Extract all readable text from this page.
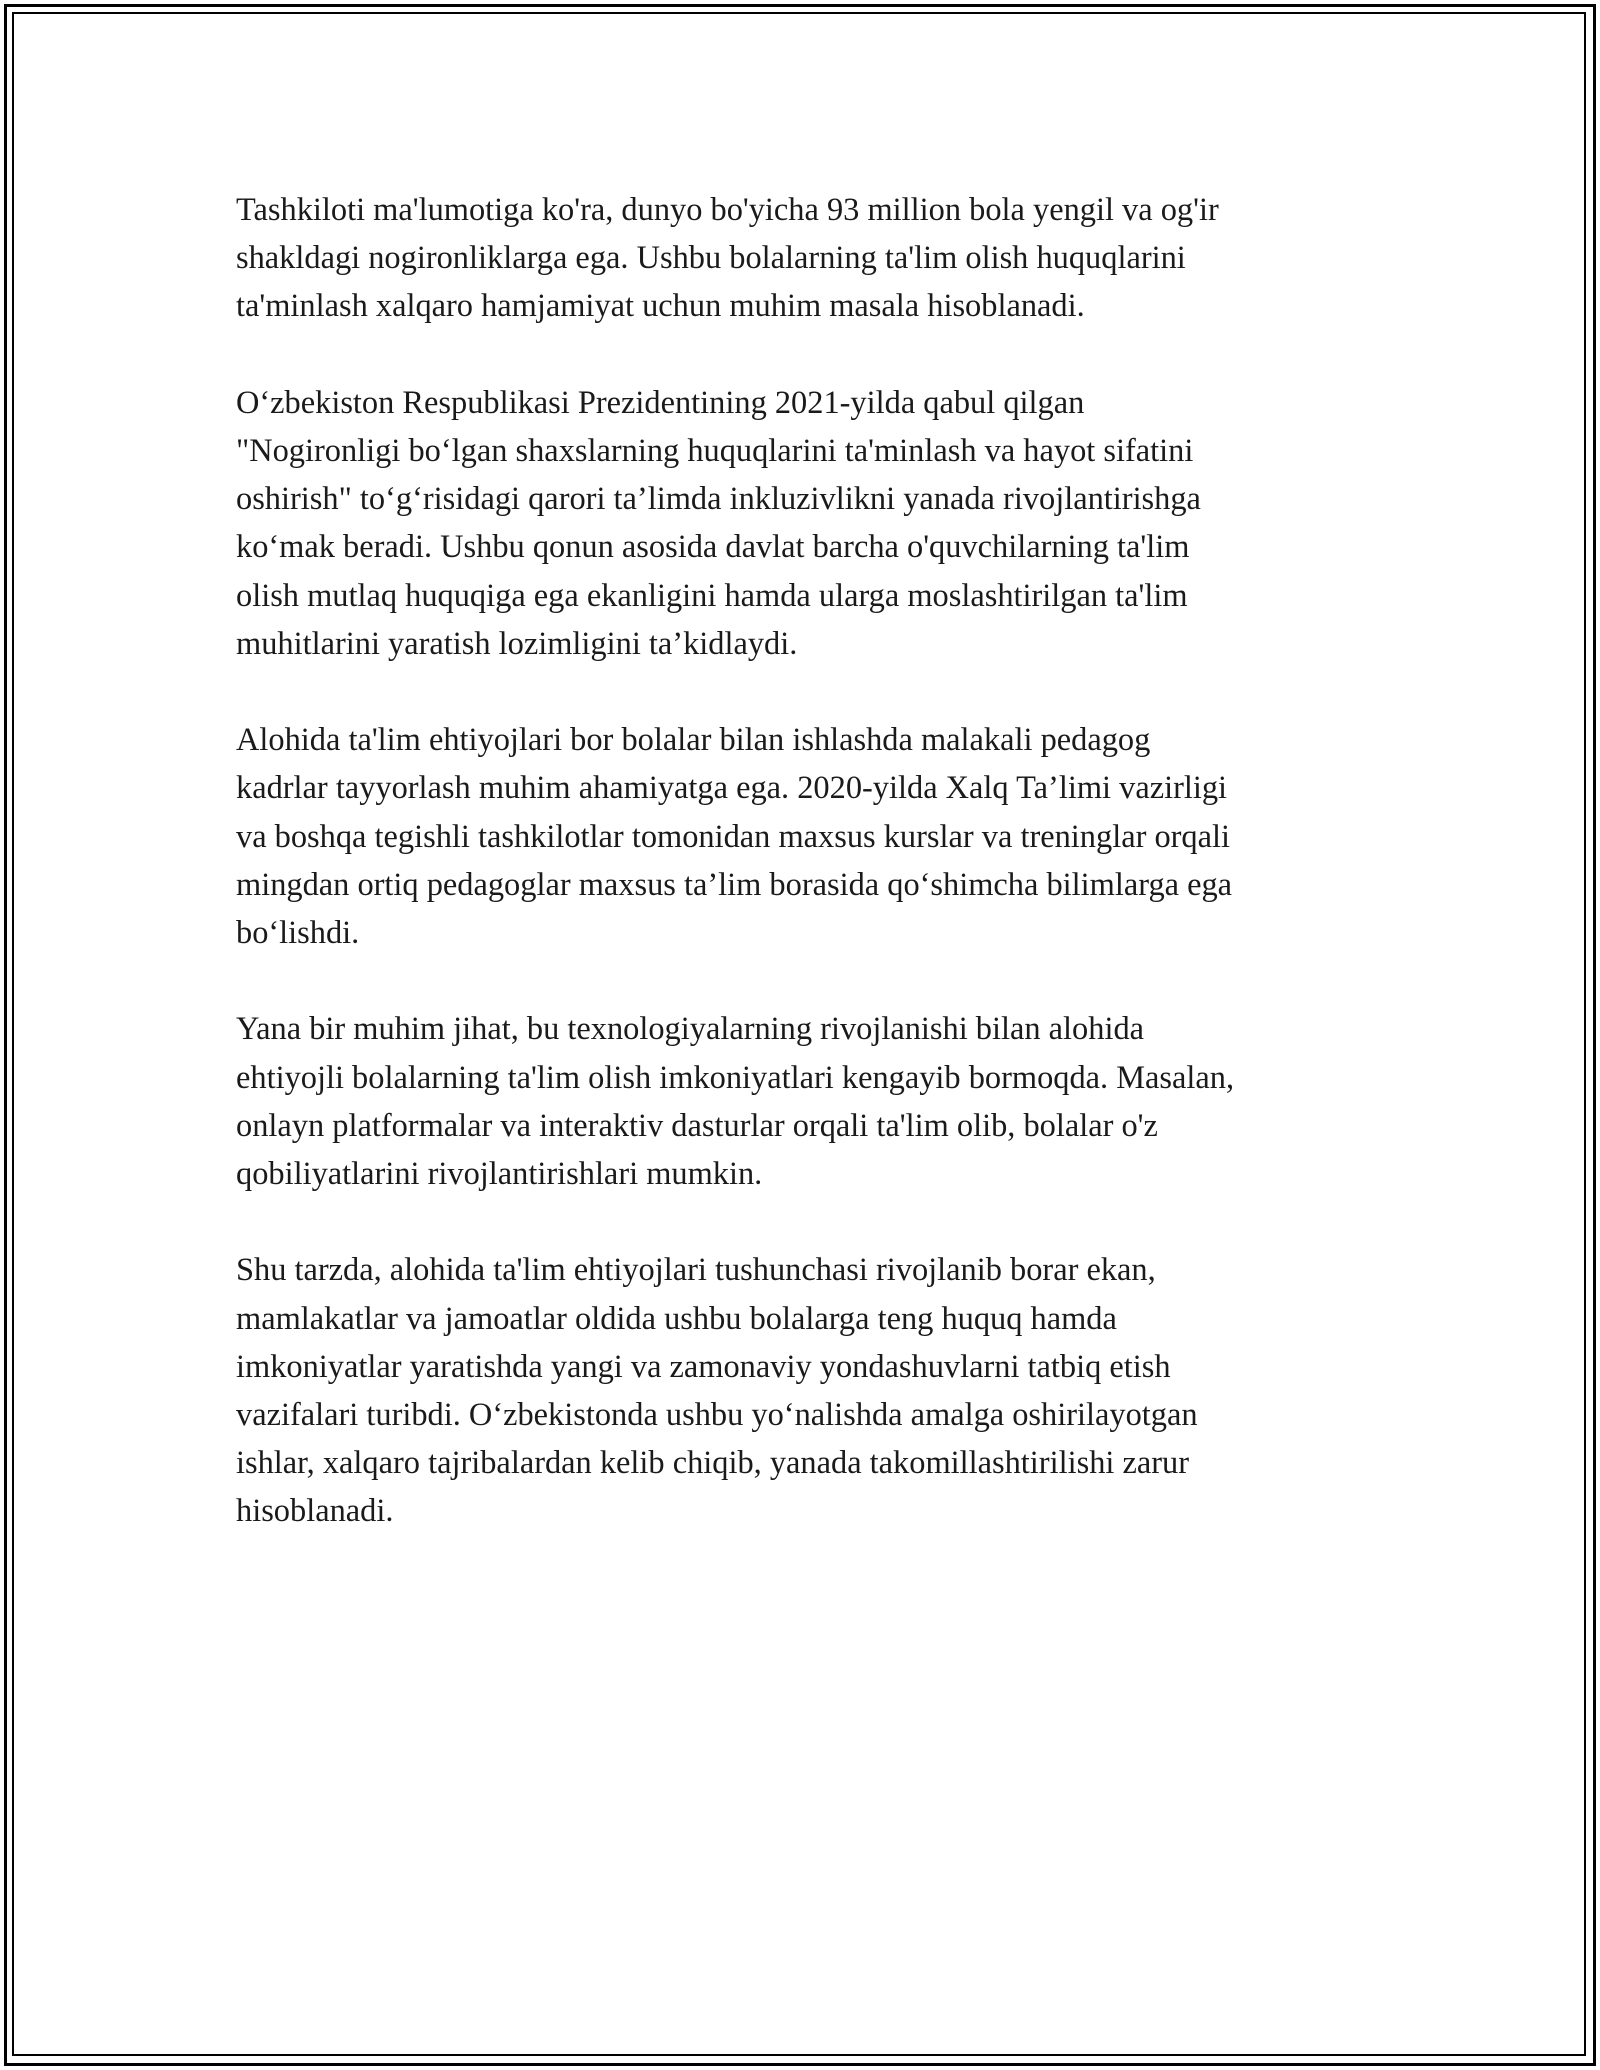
Tashkiloti ma'lumotiga ko'ra, dunyo bo'yicha 93 million bola yengil va og'ir
shakldagi nogironliklarga ega. Ushbu bolalarning ta'lim olish huquqlarini
ta'minlash xalqaro hamjamiyat uchun muhim masala hisoblanadi.

O‘zbekiston Respublikasi Prezidentining 2021-yilda qabul qilgan
"Nogironligi bo‘lgan shaxslarning huquqlarini ta'minlash va hayot sifatini
oshirish" to‘g‘risidagi qarori ta’limda inkluzivlikni yanada rivojlantirishga
ko‘mak beradi. Ushbu qonun asosida davlat barcha o'quvchilarning ta'lim
olish mutlaq huquqiga ega ekanligini hamda ularga moslashtirilgan ta'lim
muhitlarini yaratish lozimligini ta’kidlaydi.

Alohida ta'lim ehtiyojlari bor bolalar bilan ishlashda malakali pedagog
kadrlar tayyorlash muhim ahamiyatga ega. 2020-yilda Xalq Ta’limi vazirligi
va boshqa tegishli tashkilotlar tomonidan maxsus kurslar va treninglar orqali
mingdan ortiq pedagoglar maxsus ta’lim borasida qo‘shimcha bilimlarga ega
bo‘lishdi.

Yana bir muhim jihat, bu texnologiyalarning rivojlanishi bilan alohida
ehtiyojli bolalarning ta'lim olish imkoniyatlari kengayib bormoqda. Masalan,
onlayn platformalar va interaktiv dasturlar orqali ta'lim olib, bolalar o'z
qobiliyatlarini rivojlantirishlari mumkin.

Shu tarzda, alohida ta'lim ehtiyojlari tushunchasi rivojlanib borar ekan,
mamlakatlar va jamoatlar oldida ushbu bolalarga teng huquq hamda
imkoniyatlar yaratishda yangi va zamonaviy yondashuvlarni tatbiq etish
vazifalari turibdi. O‘zbekistonda ushbu yo‘nalishda amalga oshirilayotgan
ishlar, xalqaro tajribalardan kelib chiqib, yanada takomillashtirilishi zarur
hisoblanadi.
